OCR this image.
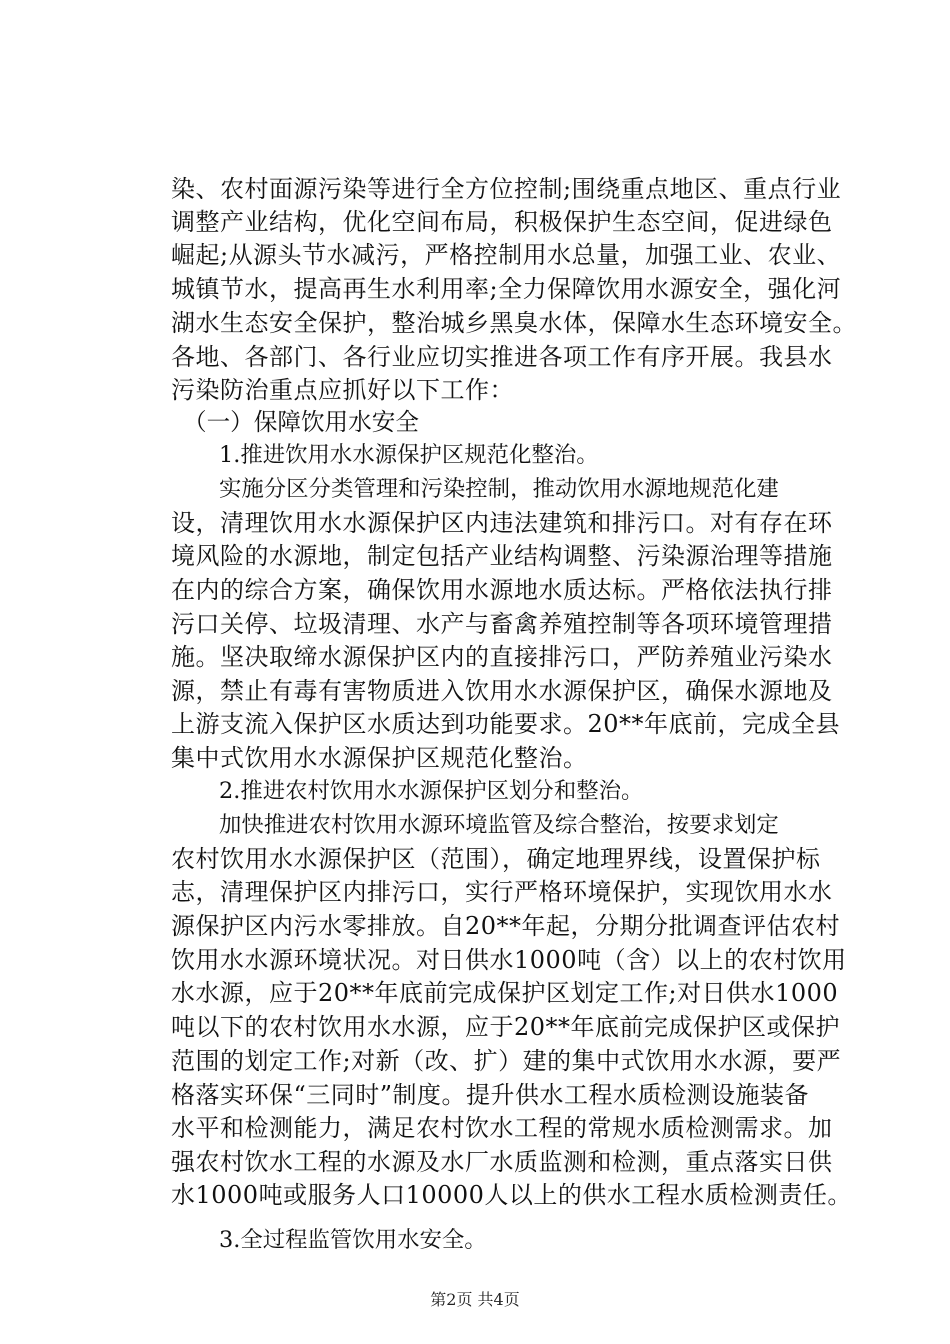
染、农村面源污染等进行全方位控制;围绕重点地区、重点行业
调整产业结构，优化空间布局，积极保护生态空间，促进绿色
崛起;从源头节水减污，严格控制用水总量，加强工业、农业、
城镇节水，提高再生水利用率;全力保障饮用水源安全，强化河
湖水生态安全保护，整治城乡黑臭水体，保障水生态环境安全。
各地、各部门、各行业应切实推进各项工作有序开展。我县水
污染防治重点应抓好以下工作：
（一）保障饮用水安全
1.推进饮用水水源保护区规范化整治。
实施分区分类管理和污染控制，推动饮用水源地规范化建
设，清理饮用水水源保护区内违法建筑和排污口。对有存在环
境风险的水源地，制定包括产业结构调整、污染源治理等措施
在内的综合方案，确保饮用水源地水质达标。严格依法执行排
污口关停、垃圾清理、水产与畜禽养殖控制等各项环境管理措
施。坚决取缔水源保护区内的直接排污口，严防养殖业污染水
源，禁止有毒有害物质进入饮用水水源保护区，确保水源地及
上游支流入保护区水质达到功能要求。20**年底前，完成全县
集中式饮用水水源保护区规范化整治。
2.推进农村饮用水水源保护区划分和整治。
加快推进农村饮用水源环境监管及综合整治，按要求划定
农村饮用水水源保护区（范围），确定地理界线，设置保护标
志，清理保护区内排污口，实行严格环境保护，实现饮用水水
源保护区内污水零排放。自20**年起，分期分批调查评估农村
饮用水水源环境状况。对日供水1000吨（含）以上的农村饮用
水水源，应于20**年底前完成保护区划定工作;对日供水1000
吨以下的农村饮用水水源，应于20**年底前完成保护区或保护
范围的划定工作;对新（改、扩）建的集中式饮用水水源，要严
格落实环保“三同时”制度。提升供水工程水质检测设施装备
水平和检测能力，满足农村饮水工程的常规水质检测需求。加
强农村饮水工程的水源及水厂水质监测和检测，重点落实日供
水1000吨或服务人口10000人以上的供水工程水质检测责任。
3.全过程监管饮用水安全。
第2页 共4页
